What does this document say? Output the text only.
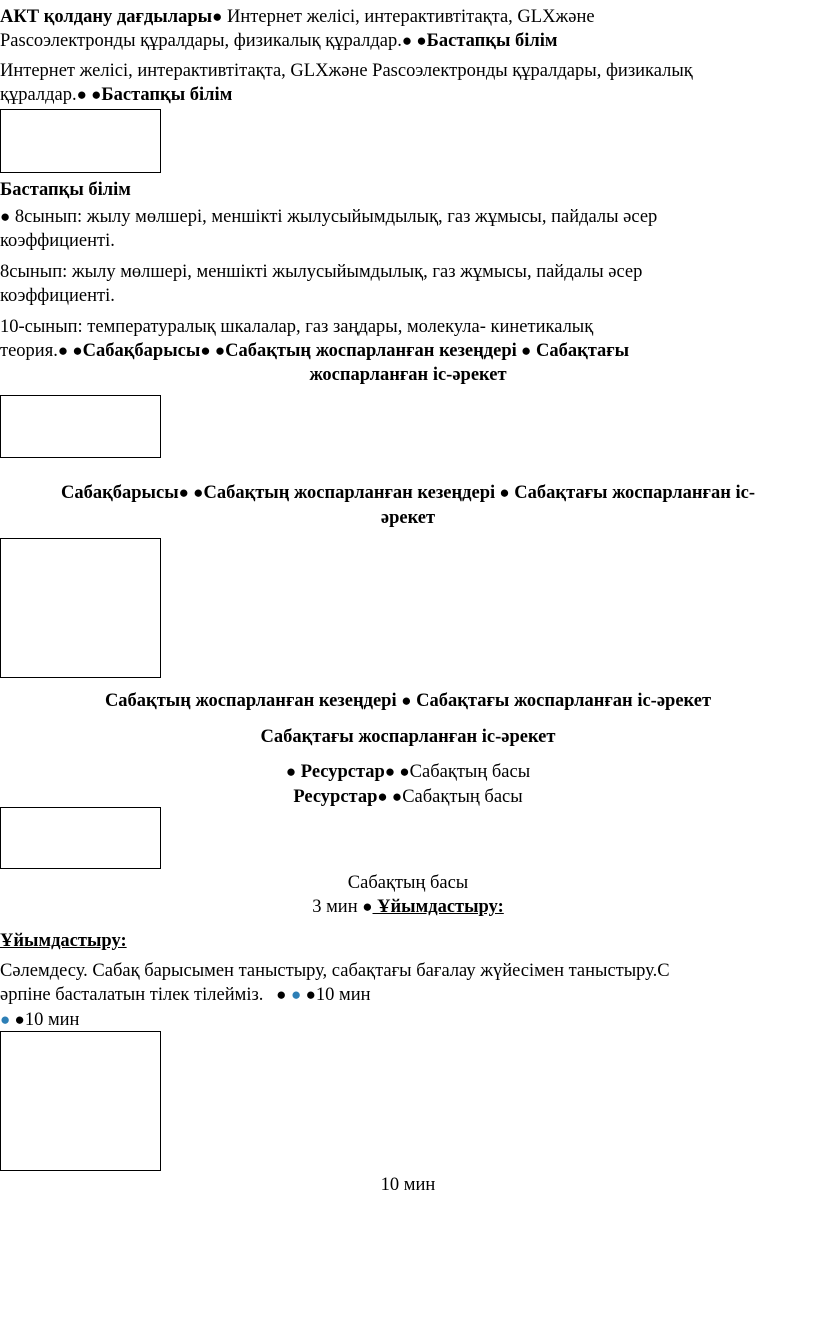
АКТ қолдану дағдылары● Интернет желісі, интерактивтітақта, GLXжәне
Pascoэлектронды құралдары, физикалық құралдар.● ●Бастапқы білім
Интернет желісі, интерактивтітақта, GLXжәне Pascoэлектронды құралдары, физикалық
құралдар.● ●Бастапқы білім
Бастапқы білім
● 8сынып: жылу мөлшері, меншікті жылусыйымдылық, газ жұмысы, пайдалы әсер
коэффициенті.
8сынып: жылу мөлшері, меншікті жылусыйымдылық, газ жұмысы, пайдалы әсер
коэффициенті.
10-сынып: температуралық шкалалар, газ заңдары, молекула- кинетикалық
теория.● ●Сабақбарысы● ●Сабақтың жоспарланған кезеңдері ● Сабақтағы
жоспарланған іс-әрекет
Сабақбарысы● ●Сабақтың жоспарланған кезеңдері ● Сабақтағы жоспарланған іс-
әрекет
Сабақтың жоспарланған кезеңдері ● Сабақтағы жоспарланған іс-әрекет
Сабақтағы жоспарланған іс-әрекет
● Ресурстар● ●Сабақтың басы
Ресурстар● ●Сабақтың басы
Сабақтың басы
3 мин ● Ұйымдастыру:
Ұйымдастыру:
Сәлемдесу. Сабақ барысымен таныстыру, сабақтағы бағалау жүйесімен таныстыру.С
әрпіне басталатын тілек тілейміз.   ● ● ●10 мин
● ●10 мин
10 мин
